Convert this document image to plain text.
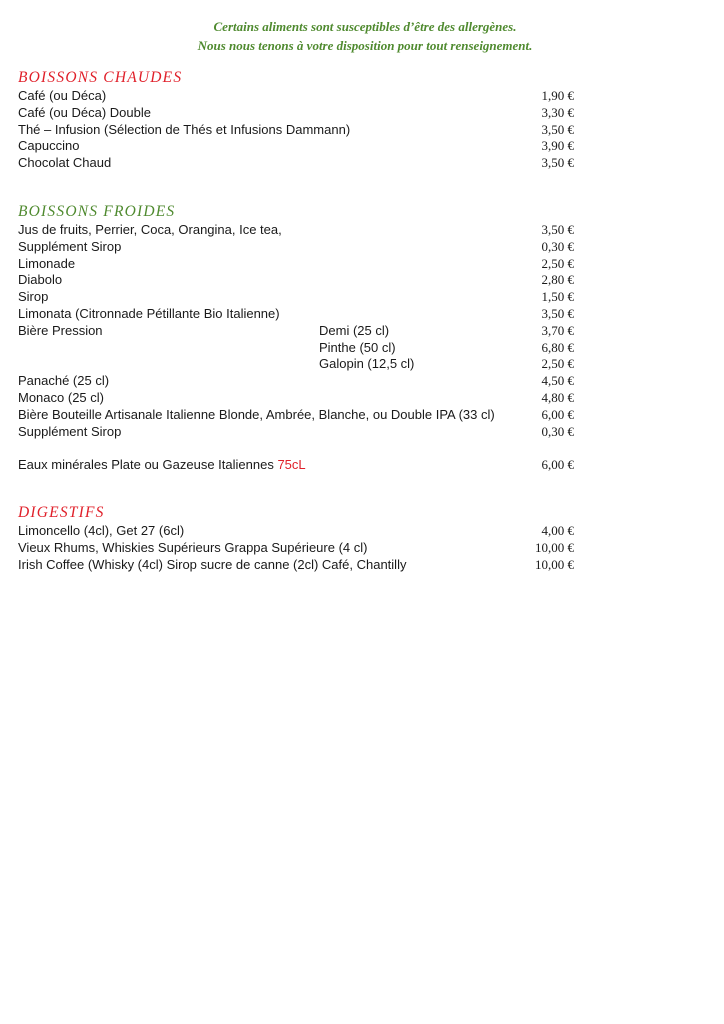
Certains aliments sont susceptibles d’être des allergènes.
Nous nous tenons à votre disposition pour tout renseignement.
BOISSONS CHAUDES
Café (ou Déca)	1,90 €
Café (ou Déca) Double	3,30 €
Thé – Infusion (Sélection de Thés et Infusions Dammann)	3,50 €
Capuccino	3,90 €
Chocolat Chaud	3,50 €
BOISSONS FROIDES
Jus de fruits, Perrier, Coca, Orangina, Ice tea,	3,50 €
Supplément Sirop	0,30 €
Limonade	2,50 €
Diabolo	2,80 €
Sirop	1,50 €
Limonata (Citronnade Pétillante Bio Italienne)	3,50 €
Bière Pression	Demi (25 cl)	3,70 €
Pinthe (50 cl)	6,80 €
Galopin (12,5 cl)	2,50 €
Panaché (25 cl)	4,50 €
Monaco (25 cl)	4,80 €
Bière Bouteille Artisanale Italienne Blonde, Ambrée, Blanche, ou Double IPA (33 cl)	6,00 €
Supplément Sirop	0,30 €
Eaux minérales Plate ou Gazeuse Italiennes 75cL	6,00 €
DIGESTIFS
Limoncello (4cl), Get 27 (6cl)	4,00 €
Vieux Rhums, Whiskies Supérieurs Grappa Supérieure (4 cl)	10,00 €
Irish Coffee (Whisky (4cl) Sirop sucre de canne (2cl) Café, Chantilly	10,00 €
